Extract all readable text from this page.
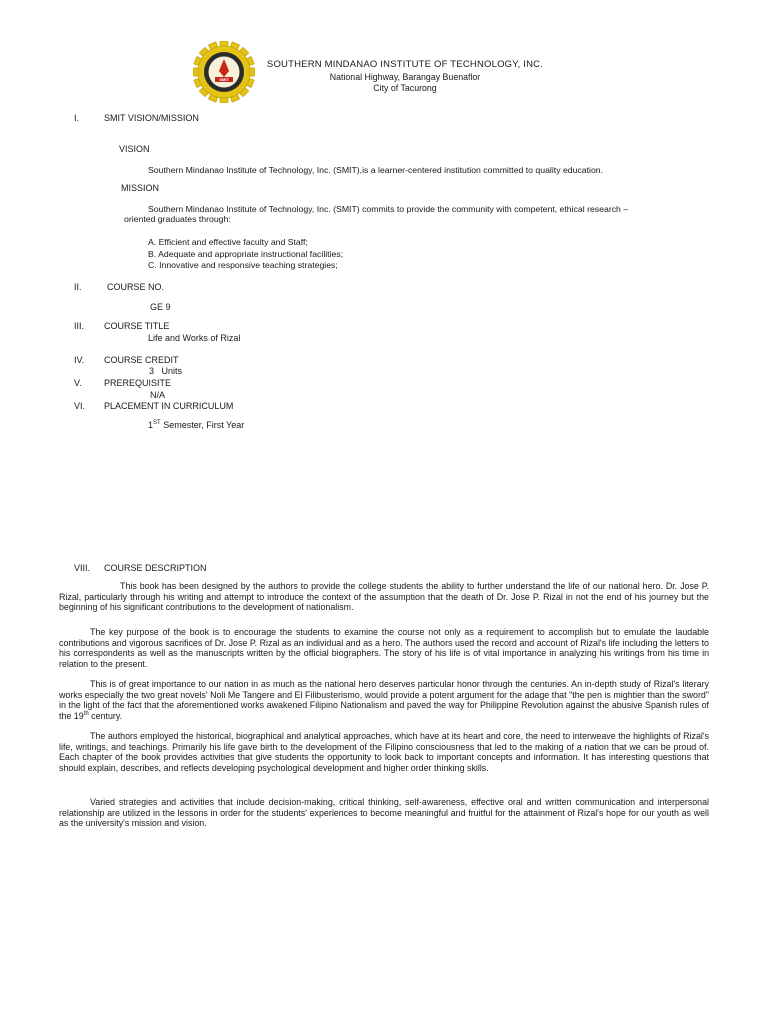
SMIT
SOUTHERN MINDANAO INSTITUTE OF TECHNOLOGY, INC.
National Highway, Barangay Buenaflor
City of Tacurong
I.	SMIT VISION/MISSION
VISION
Southern Mindanao Institute of Technology, Inc. (SMIT),is a learner-centered institution committed to quality education.
MISSION
Southern Mindanao Institute of Technology, Inc. (SMIT) commits to provide the community with competent, ethical research –
oriented graduates through:
A. Efficient and effective faculty and Staff;
B. Adequate and appropriate instructional facilities;
C. Innovative and responsive teaching strategies;
II.	COURSE NO.
GE 9
III. COURSE TITLE
Life and Works of Rizal
IV. COURSE CREDIT
3   Units
V. PREREQUISITE
N/A
VI. PLACEMENT IN CURRICULUM
1ST Semester, First Year
VIII. COURSE DESCRIPTION

This book has been designed by the authors to provide the college students the ability to further understand the life of our national hero. Dr. Jose P. Rizal, particularly through his writing and attempt to introduce the context of the assumption that the death of Dr. Jose P. Rizal in not the end of his journey but the beginning of his significant contributions to the development of nationalism.

The key purpose of the book is to encourage the students to examine the course not only as a requirement to accomplish but to emulate the laudable contributions and vigorous sacrifices of Dr. Jose P. Rizal as an individual and as a hero. The authors used the record and account of Rizal's life including the letters to his correspondents as well as the manuscripts written by the official biographers. The story of his life is of vital importance in analyzing his writings from his time in relation to the present.

This is of great importance to our nation in as much as the national hero deserves particular honor through the centuries. An in-depth study of Rizal's literary works especially the two great novels' Noli Me Tangere and El Filibusterismo, would provide a potent argument for the adage that "the pen is mightier than the sword" in the light of the fact that the aforementioned works awakened Filipino Nationalism and paved the way for Philippine Revolution against the abusive Spanish rules of the 19th century.

The authors employed the historical, biographical and analytical approaches, which have at its heart and core, the need to interweave the highlights of Rizal's life, writings, and teachings. Primarily his life gave birth to the development of the Filipino consciousness that led to the making of a nation that we can be proud of. Each chapter of the book provides activities that give students the opportunity to look back to important concepts and information. It has interesting questions that should explain, describes, and reflects developing psychological development and higher order thinking skills.

Varied strategies and activities that include decision-making, critical thinking, self-awareness, effective oral and written communication and interpersonal relationship are utilized in the lessons in order for the students' experiences to become meaningful and fruitful for the attainment of Rizal's hope for our youth as well as the university's mission and vision.
